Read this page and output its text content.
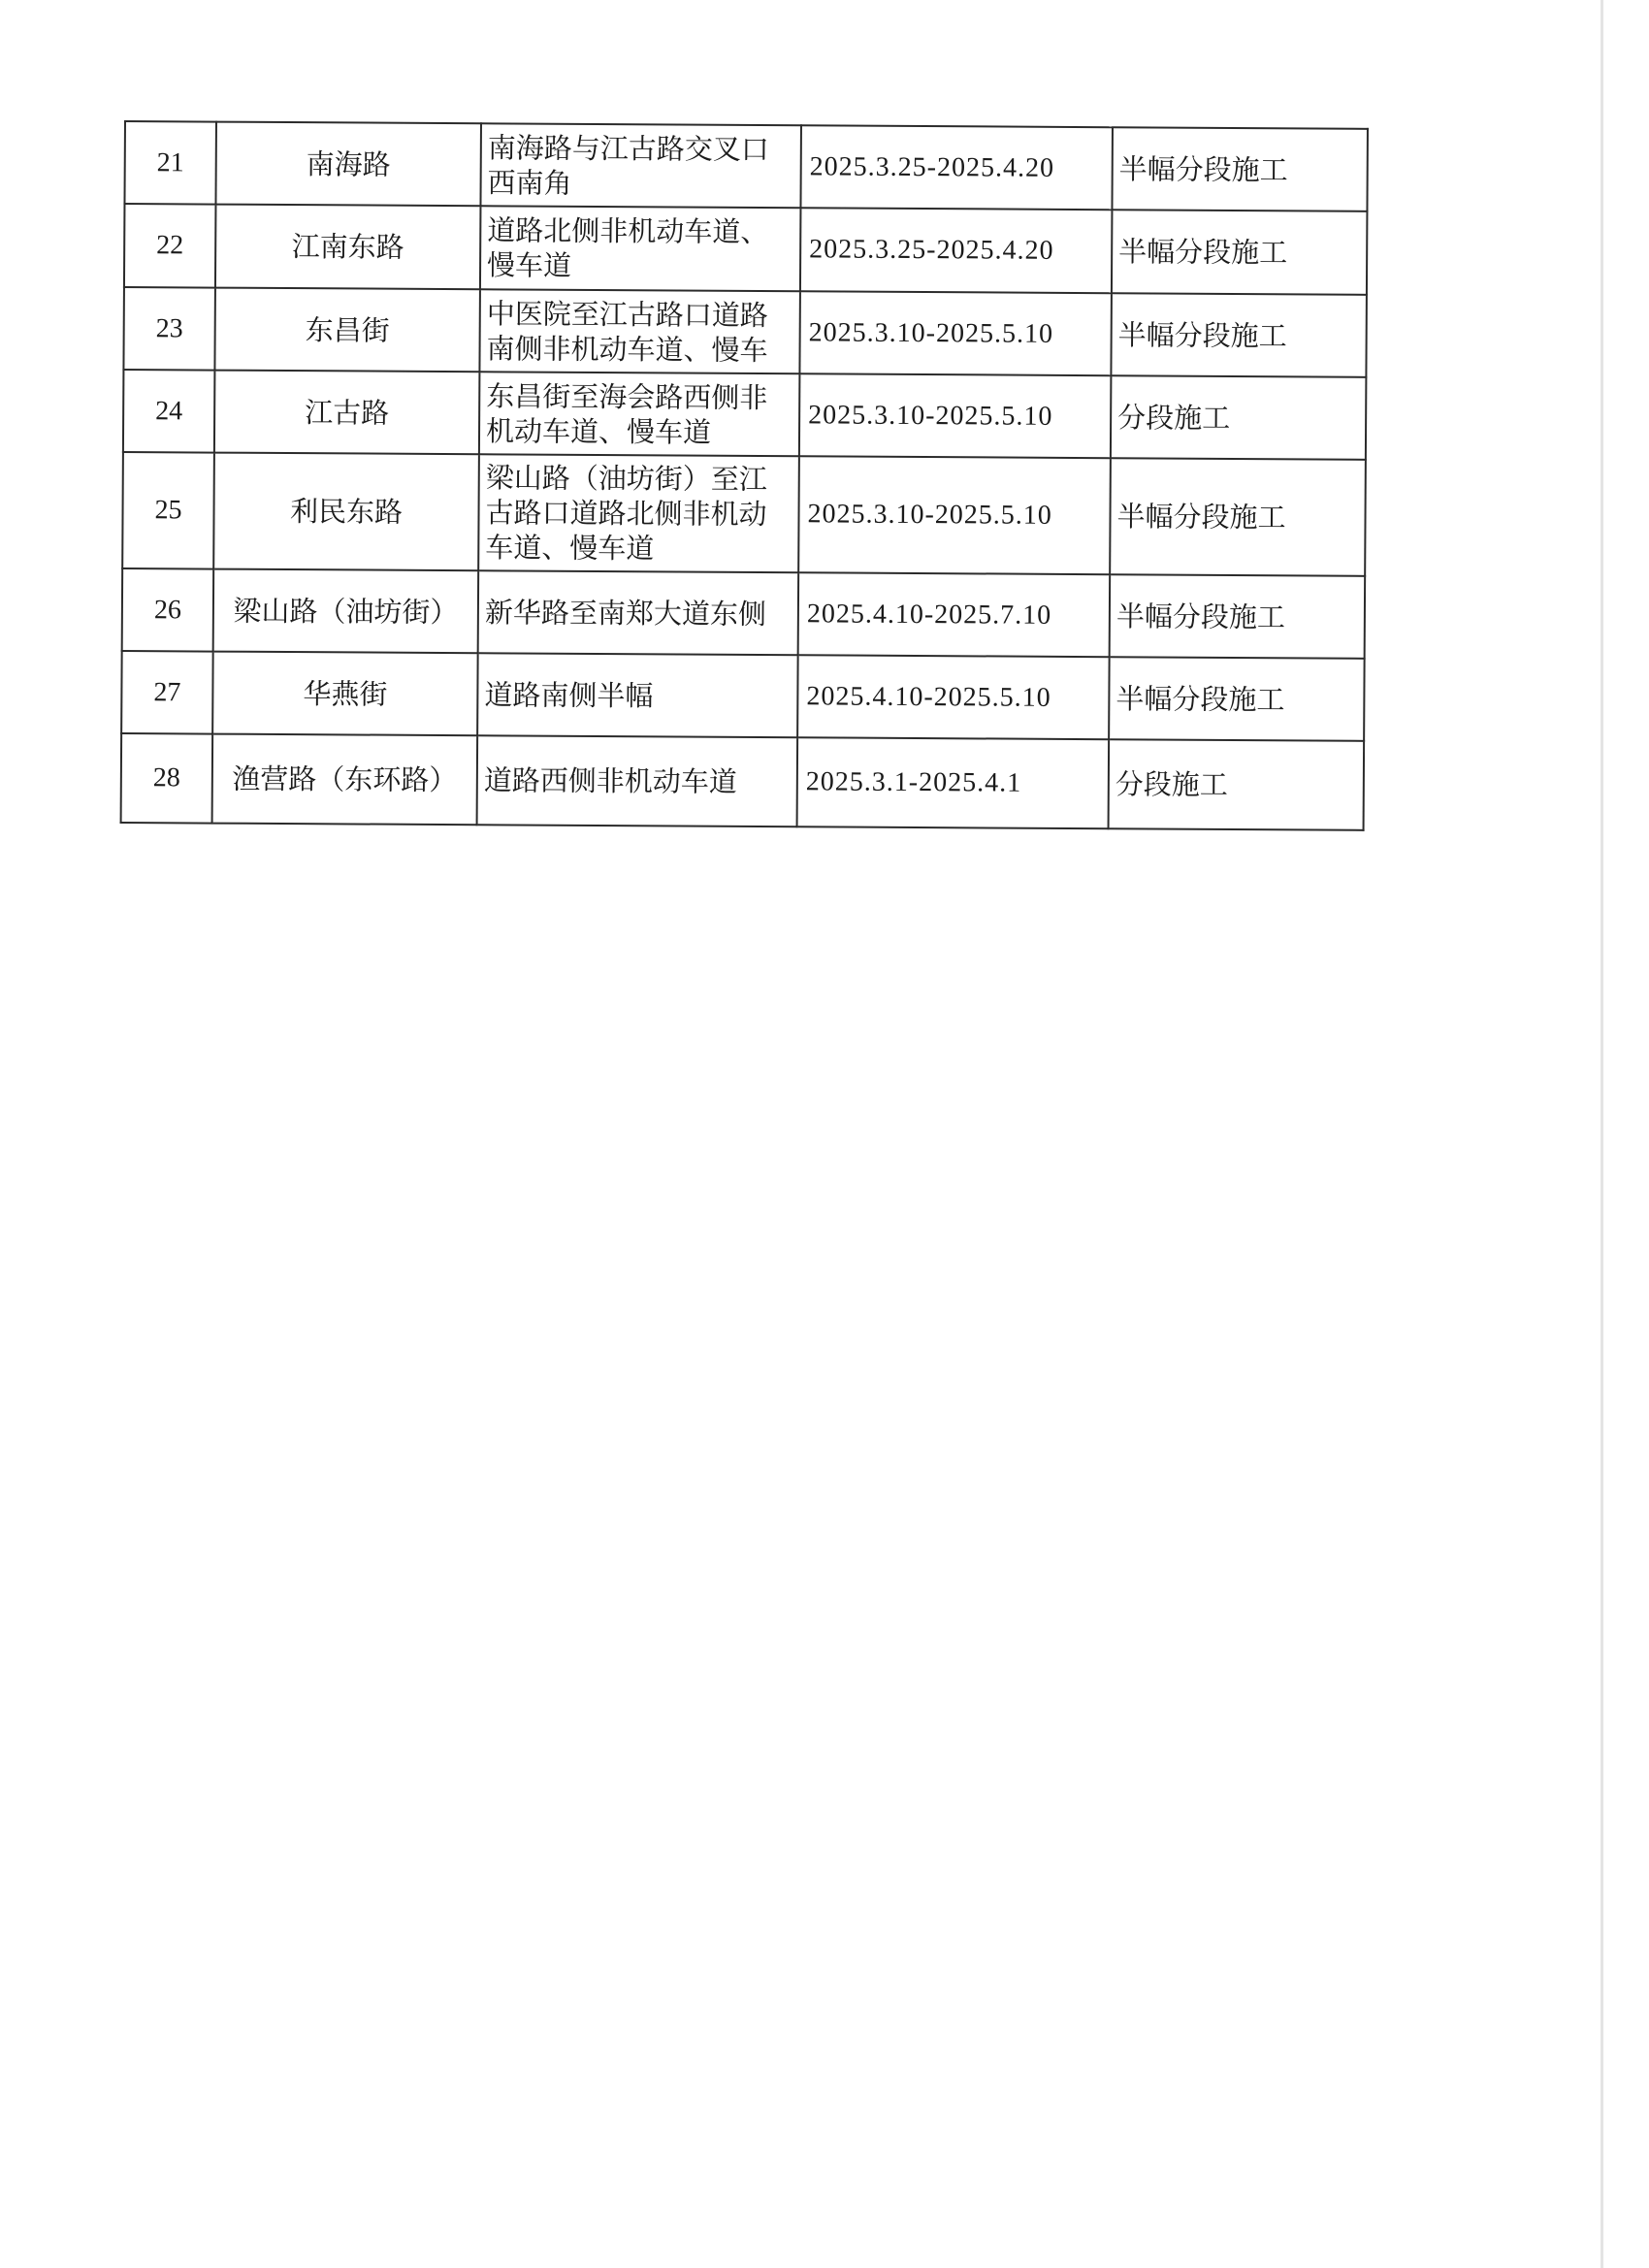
21	南海路	南海路与江古路交叉口西南角	2025.3.25-2025.4.20	半幅分段施工
22	江南东路	道路北侧非机动车道、慢车道	2025.3.25-2025.4.20	半幅分段施工
23	东昌街	中医院至江古路口道路南侧非机动车道、慢车道	2025.3.10-2025.5.10	半幅分段施工
24	江古路	东昌街至海会路西侧非机动车道、慢车道	2025.3.10-2025.5.10	分段施工
25	利民东路	梁山路（油坊街）至江古路口道路北侧非机动车道、慢车道	2025.3.10-2025.5.10	半幅分段施工
26	梁山路（油坊街）	新华路至南郑大道东侧	2025.4.10-2025.7.10	半幅分段施工
27	华燕街	道路南侧半幅	2025.4.10-2025.5.10	半幅分段施工
28	渔营路（东环路）	道路西侧非机动车道	2025.3.1-2025.4.1	分段施工
